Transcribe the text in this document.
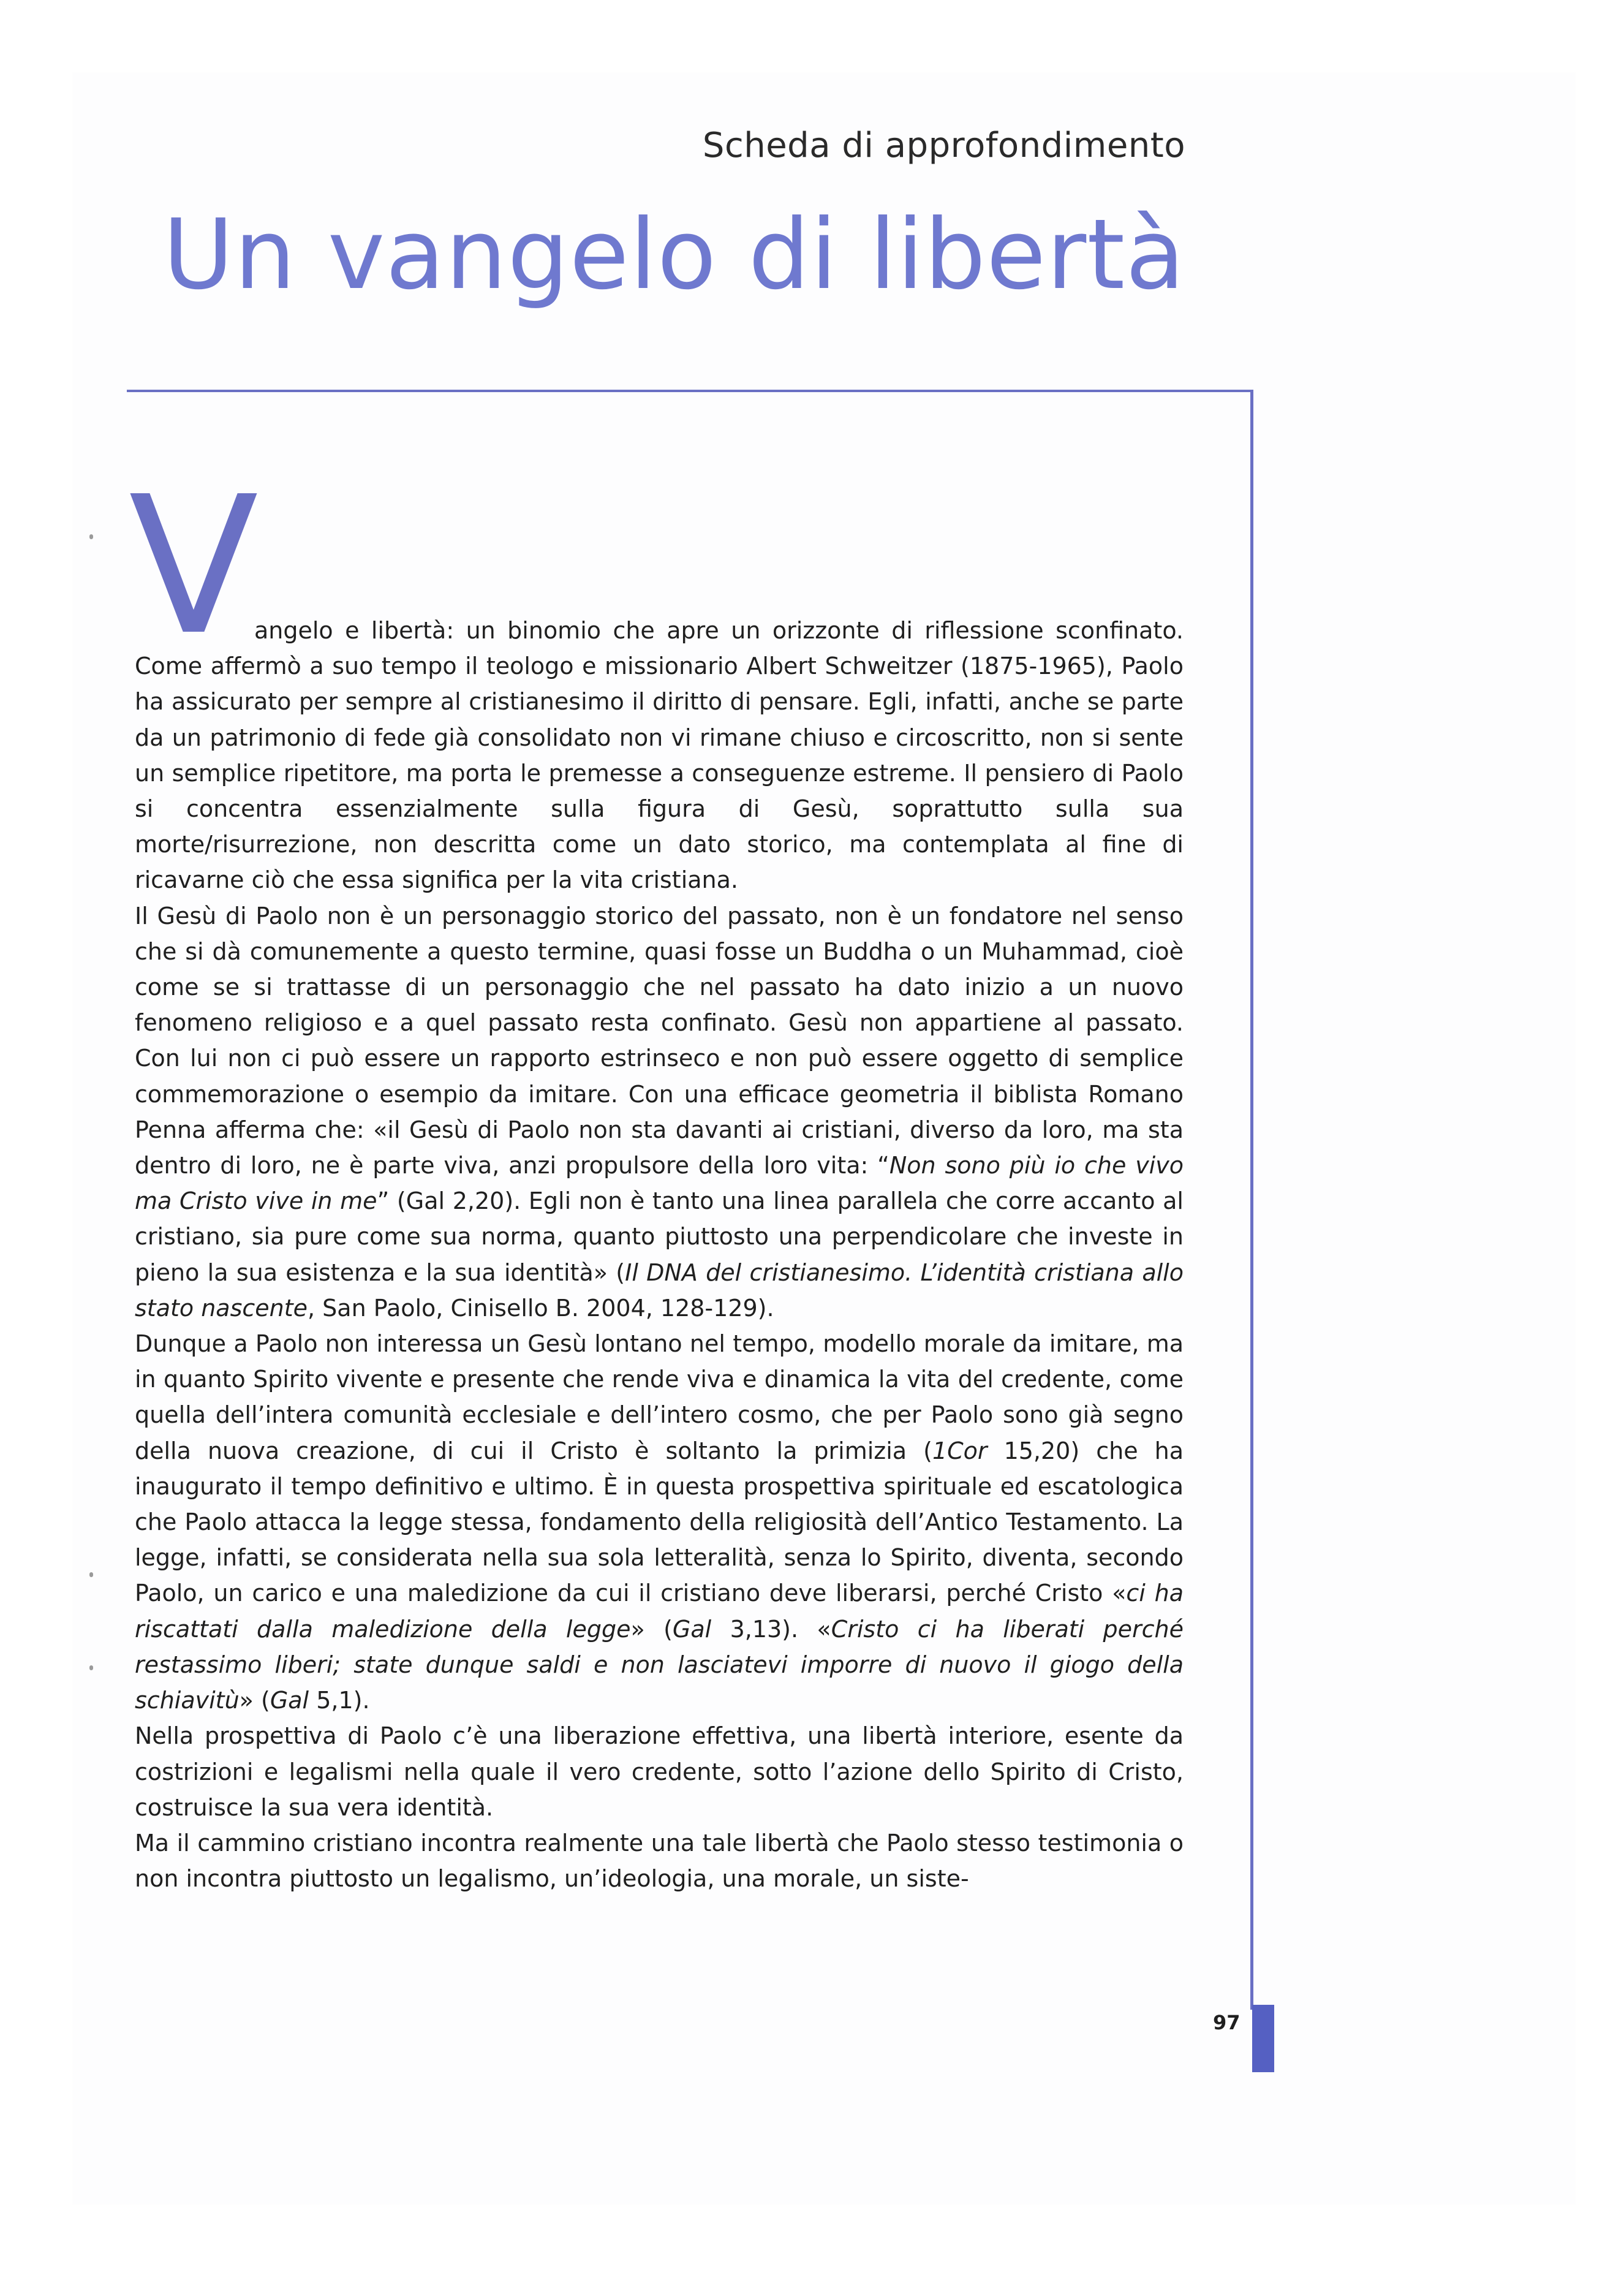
Scheda di approfondimento
Un vangelo di libertà
V

angelo e libertà: un binomio che apre un orizzonte di riflessione sconfinato. Come affermò a suo tempo il teologo e missionario Albert Schweitzer (1875-1965), Paolo ha assicurato per sempre al cristianesimo il diritto di pensare. Egli, infatti, anche se parte da un patrimonio di fede già consolidato non vi rimane chiuso e circoscritto, non si sente un semplice ripetitore, ma porta le premesse a conseguenze estreme. Il pensiero di Paolo si concentra essenzialmente sulla figura di Gesù, soprattutto sulla sua morte/risurrezione, non descritta come un dato storico, ma contemplata al fine di ricavarne ciò che essa significa per la vita cristiana.

Il Gesù di Paolo non è un personaggio storico del passato, non è un fondatore nel senso che si dà comunemente a questo termine, quasi fosse un Buddha o un Muhammad, cioè come se si trattasse di un personaggio che nel passato ha dato inizio a un nuovo fenomeno religioso e a quel passato resta confinato. Gesù non appartiene al passato. Con lui non ci può essere un rapporto estrinseco e non può essere oggetto di semplice commemorazione o esempio da imitare. Con una efficace geometria il biblista Romano Penna afferma che: «il Gesù di Paolo non sta davanti ai cristiani, diverso da loro, ma sta dentro di loro, ne è parte viva, anzi propulsore della loro vita: “Non sono più io che vivo ma Cristo vive in me” (Gal 2,20). Egli non è tanto una linea parallela che corre accanto al cristiano, sia pure come sua norma, quanto piuttosto una perpendicolare che investe in pieno la sua esistenza e la sua identità» (Il DNA del cristianesimo. L’identità cristiana allo stato nascente, San Paolo, Cinisello B. 2004, 128-129).

Dunque a Paolo non interessa un Gesù lontano nel tempo, modello morale da imitare, ma in quanto Spirito vivente e presente che rende viva e dinamica la vita del credente, come quella dell’intera comunità ecclesiale e dell’intero cosmo, che per Paolo sono già segno della nuova creazione, di cui il Cristo è soltanto la primizia (1Cor 15,20) che ha inaugurato il tempo definitivo e ultimo. È in questa prospettiva spirituale ed escatologica che Paolo attacca la legge stessa, fondamento della religiosità dell’Antico Testamento. La legge, infatti, se considerata nella sua sola letteralità, senza lo Spirito, diventa, secondo Paolo, un carico e una maledizione da cui il cristiano deve liberarsi, perché Cristo «ci ha riscattati dalla maledizione della legge» (Gal 3,13). «Cristo ci ha liberati perché restassimo liberi; state dunque saldi e non lasciatevi imporre di nuovo il giogo della schiavitù» (Gal 5,1).

Nella prospettiva di Paolo c’è una liberazione effettiva, una libertà interiore, esente da costrizioni e legalismi nella quale il vero credente, sotto l’azione dello Spirito di Cristo, costruisce la sua vera identità.

Ma il cammino cristiano incontra realmente una tale libertà che Paolo stesso testimonia o non incontra piuttosto un legalismo, un’ideologia, una morale, un siste-

97
